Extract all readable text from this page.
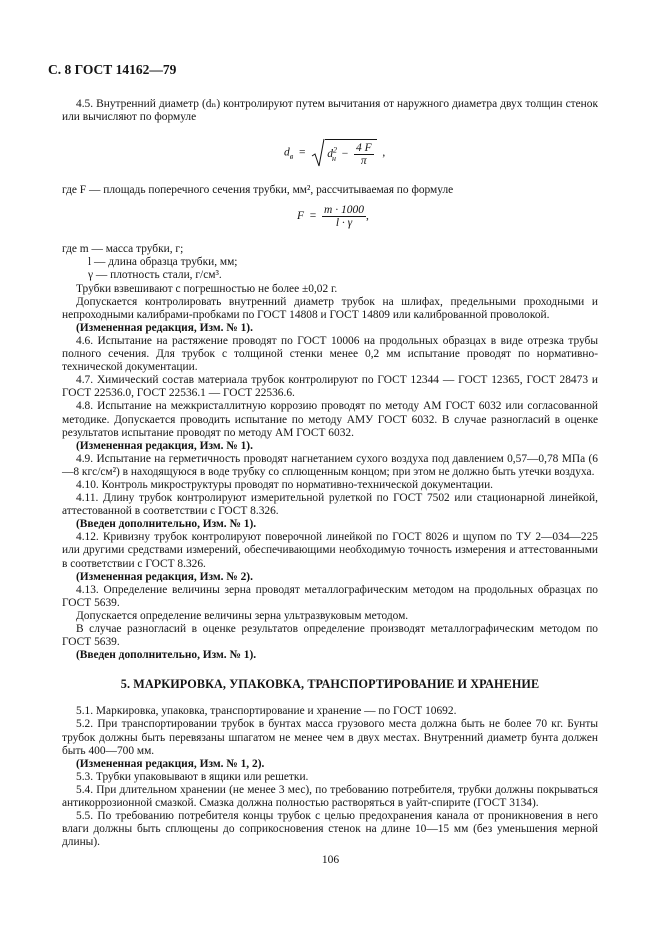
С. 8 ГОСТ 14162—79

4.5. Внутренний диаметр (dₙ) контролируют путем вычитания от наружного диаметра двух толщин стенок или вычисляют по формуле

$d_в = d^2_н - \frac{4 F}{\pi}$ ,

где F — площадь поперечного сечения трубки, мм², рассчитываемая по формуле

$F = \frac{m \cdot 1000}{l \cdot \gamma}$ ,
где m — масса трубки, г;
l — длина образца трубки, мм;
γ — плотность стали, г/см³.

Трубки взвешивают с погрешностью не более ±0,02 г.

Допускается контролировать внутренний диаметр трубок на шлифах, предельными проходными и непроходными калибрами-пробками по ГОСТ 14808 и ГОСТ 14809 или калиброванной проволокой.

(Измененная редакция, Изм. № 1).

4.6. Испытание на растяжение проводят по ГОСТ 10006 на продольных образцах в виде отрезка трубы полного сечения. Для трубок с толщиной стенки менее 0,2 мм испытание проводят по нормативно-технической документации.

4.7. Химический состав материала трубок контролируют по ГОСТ 12344 — ГОСТ 12365, ГОСТ 28473 и ГОСТ 22536.0, ГОСТ 22536.1 — ГОСТ 22536.6.

4.8. Испытание на межкристаллитную коррозию проводят по методу АМ ГОСТ 6032 или согласованной методике. Допускается проводить испытание по методу АМУ ГОСТ 6032. В случае разногласий в оценке результатов испытание проводят по методу АМ ГОСТ 6032.

(Измененная редакция, Изм. № 1).

4.9. Испытание на герметичность проводят нагнетанием сухого воздуха под давлением 0,57—0,78 МПа (6—8 кгс/см²) в находящуюся в воде трубку со сплющенным концом; при этом не должно быть утечки воздуха.

4.10. Контроль микроструктуры проводят по нормативно-технической документации.

4.11. Длину трубок контролируют измерительной рулеткой по ГОСТ 7502 или стационарной линейкой, аттестованной в соответствии с ГОСТ 8.326.

(Введен дополнительно, Изм. № 1).

4.12. Кривизну трубок контролируют поверочной линейкой по ГОСТ 8026 и щупом по ТУ 2—034—225 или другими средствами измерений, обеспечивающими необходимую точность измерения и аттестованными в соответствии с ГОСТ 8.326.

(Измененная редакция, Изм. № 2).

4.13. Определение величины зерна проводят металлографическим методом на продольных образцах по ГОСТ 5639.

Допускается определение величины зерна ультразвуковым методом.

В случае разногласий в оценке результатов определение производят металлографическим методом по ГОСТ 5639.

(Введен дополнительно, Изм. № 1).

5. МАРКИРОВКА, УПАКОВКА, ТРАНСПОРТИРОВАНИЕ И ХРАНЕНИЕ

5.1. Маркировка, упаковка, транспортирование и хранение — по ГОСТ 10692.

5.2. При транспортировании трубок в бунтах масса грузового места должна быть не более 70 кг. Бунты трубок должны быть перевязаны шпагатом не менее чем в двух местах. Внутренний диаметр бунта должен быть 400—700 мм.

(Измененная редакция, Изм. № 1, 2).

5.3. Трубки упаковывают в ящики или решетки.

5.4. При длительном хранении (не менее 3 мес), по требованию потребителя, трубки должны покрываться антикоррозионной смазкой. Смазка должна полностью растворяться в уайт-спирите (ГОСТ 3134).

5.5. По требованию потребителя концы трубок с целью предохранения канала от проникновения в него влаги должны быть сплющены до соприкосновения стенок на длине 10—15 мм (без уменьшения мерной длины).

106
